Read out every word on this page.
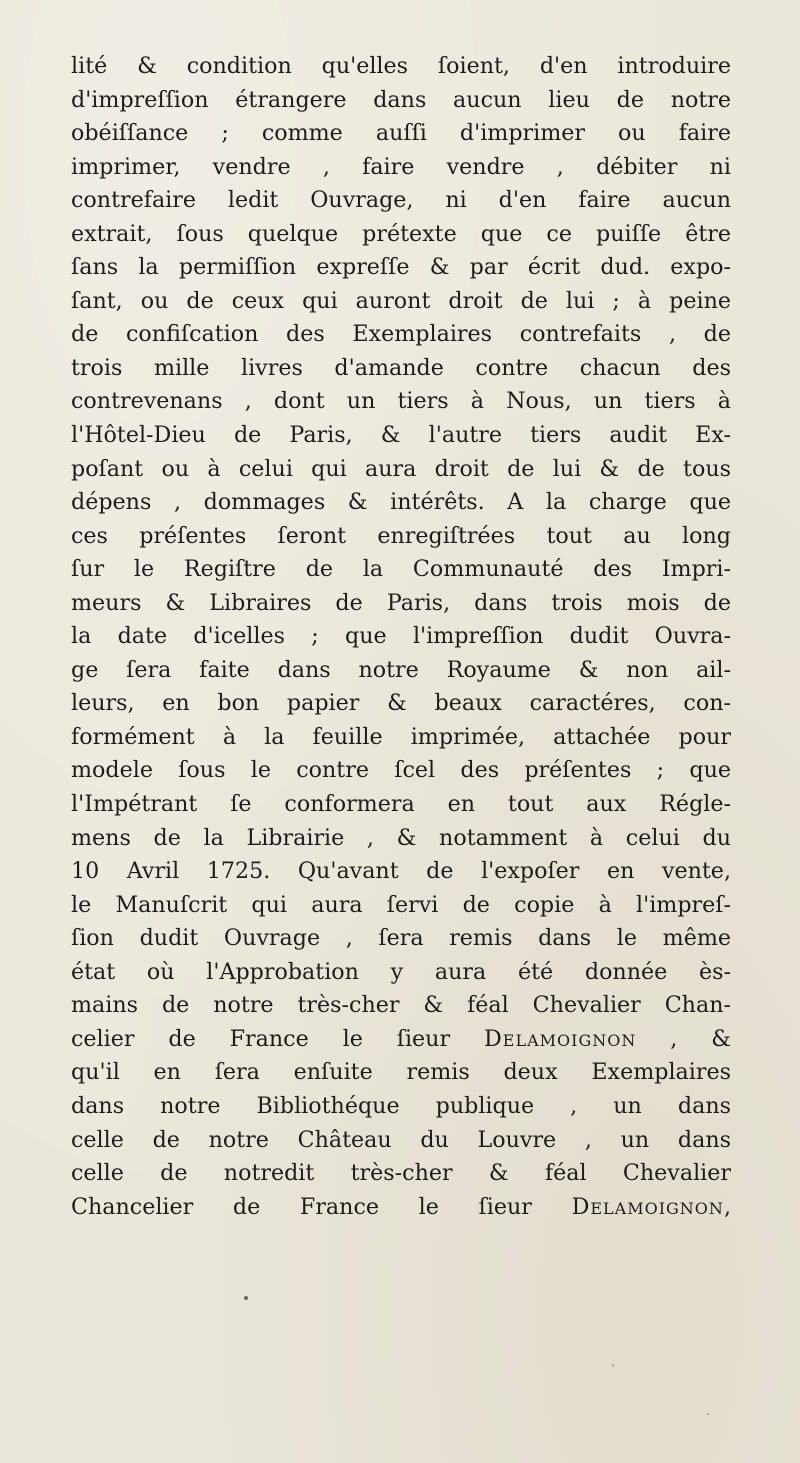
lité & condition qu'elles ſoient, d'en introduire
d'impreſſion étrangere dans aucun lieu de notre
obéiſſance ; comme auſſi d'imprimer ou faire
imprimer, vendre , faire vendre , débiter ni
contrefaire ledit Ouvrage, ni d'en faire aucun
extrait, ſous quelque prétexte que ce puiſſe être
ſans la permiſſion expreſſe & par écrit dud. expo-
ſant, ou de ceux qui auront droit de lui ; à peine
de confiſcation des Exemplaires contrefaits , de
trois mille livres d'amande contre chacun des
contrevenans , dont un tiers à Nous, un tiers à
l'Hôtel-Dieu de Paris, & l'autre tiers audit Ex-
poſant ou à celui qui aura droit de lui & de tous
dépens , dommages & intérêts. A la charge que
ces préſentes ſeront enregiſtrées tout au long
ſur le Regiſtre de la Communauté des Impri-
meurs & Libraires de Paris, dans trois mois de
la date d'icelles ; que l'impreſſion dudit Ouvra-
ge ſera faite dans notre Royaume & non ail-
leurs, en bon papier & beaux caractéres, con-
formément à la feuille imprimée, attachée pour
modele ſous le contre ſcel des préſentes ; que
l'Impétrant ſe conformera en tout aux Régle-
mens de la Librairie , & notamment à celui du
10 Avril 1725. Qu'avant de l'expoſer en vente,
le Manuſcrit qui aura ſervi de copie à l'impreſ-
ſion dudit Ouvrage , ſera remis dans le même
état où l'Approbation y aura été donnée ès-
mains de notre très-cher & féal Chevalier Chan-
celier de France le ſieur Delamoignon , &
qu'il en ſera enſuite remis deux Exemplaires
dans notre Bibliothéque publique , un dans
celle de notre Château du Louvre , un dans
celle de notredit très-cher & féal Chevalier
Chancelier de France le ſieur Delamoignon,
